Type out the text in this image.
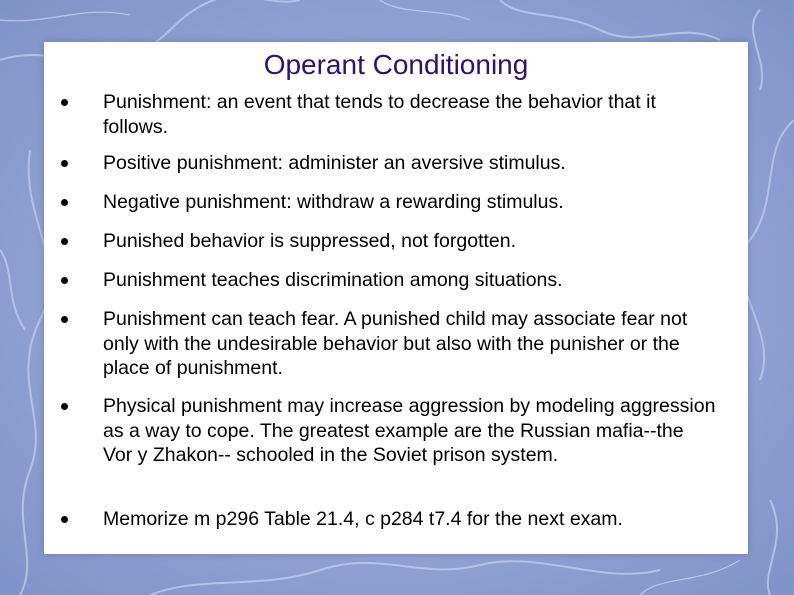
Operant Conditioning

Punishment: an event that tends to decrease the behavior that it follows.

Positive punishment: administer an aversive stimulus.

Negative punishment: withdraw a rewarding stimulus.

Punished behavior is suppressed, not forgotten.

Punishment teaches discrimination among situations.

Punishment can teach fear. A punished child may associate fear not only with the undesirable behavior but also with the punisher or the place of punishment.

Physical punishment may increase aggression by modeling aggression as a way to cope. The greatest example are the Russian mafia--the Vor y Zhakon-- schooled in the Soviet prison system.

Memorize m p296 Table 21.4, c p284 t7.4 for the next exam.
